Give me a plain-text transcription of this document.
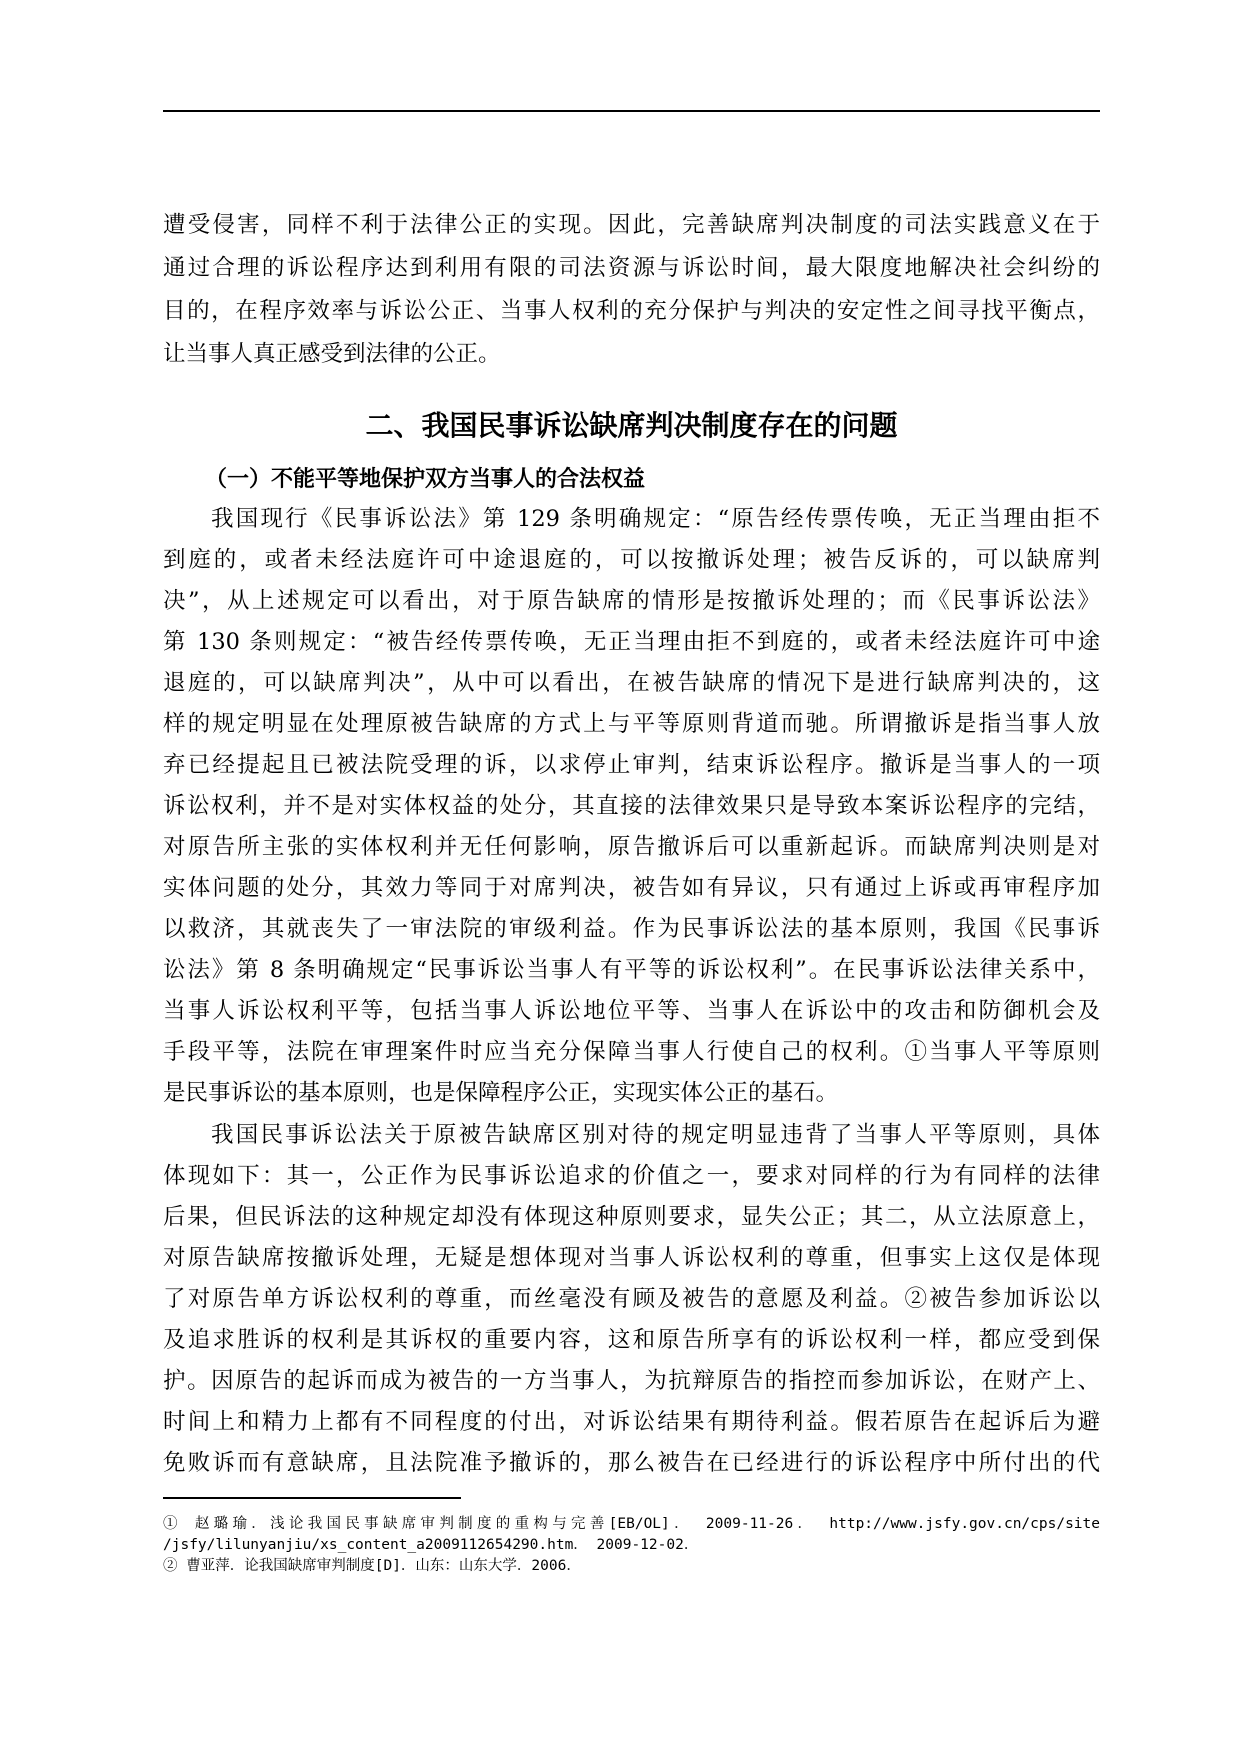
遭受侵害，同样不利于法律公正的实现。因此，完善缺席判决制度的司法实践意义在于
通过合理的诉讼程序达到利用有限的司法资源与诉讼时间，最大限度地解决社会纠纷的
目的，在程序效率与诉讼公正、当事人权利的充分保护与判决的安定性之间寻找平衡点，
让当事人真正感受到法律的公正。
二、我国民事诉讼缺席判决制度存在的问题
（一）不能平等地保护双方当事人的合法权益
我国现行《民事诉讼法》第 129 条明确规定：“原告经传票传唤，无正当理由拒不
到庭的，或者未经法庭许可中途退庭的，可以按撤诉处理；被告反诉的，可以缺席判
决”，从上述规定可以看出，对于原告缺席的情形是按撤诉处理的；而《民事诉讼法》
第 130 条则规定：“被告经传票传唤，无正当理由拒不到庭的，或者未经法庭许可中途
退庭的，可以缺席判决”，从中可以看出，在被告缺席的情况下是进行缺席判决的，这
样的规定明显在处理原被告缺席的方式上与平等原则背道而驰。所谓撤诉是指当事人放
弃已经提起且已被法院受理的诉，以求停止审判，结束诉讼程序。撤诉是当事人的一项
诉讼权利，并不是对实体权益的处分，其直接的法律效果只是导致本案诉讼程序的完结，
对原告所主张的实体权利并无任何影响，原告撤诉后可以重新起诉。而缺席判决则是对
实体问题的处分，其效力等同于对席判决，被告如有异议，只有通过上诉或再审程序加
以救济，其就丧失了一审法院的审级利益。作为民事诉讼法的基本原则，我国《民事诉
讼法》第 8 条明确规定“民事诉讼当事人有平等的诉讼权利”。在民事诉讼法律关系中，
当事人诉讼权利平等，包括当事人诉讼地位平等、当事人在诉讼中的攻击和防御机会及
手段平等，法院在审理案件时应当充分保障当事人行使自己的权利。①当事人平等原则
是民事诉讼的基本原则，也是保障程序公正，实现实体公正的基石。
我国民事诉讼法关于原被告缺席区别对待的规定明显违背了当事人平等原则，具体
体现如下：其一，公正作为民事诉讼追求的价值之一，要求对同样的行为有同样的法律
后果，但民诉法的这种规定却没有体现这种原则要求，显失公正；其二，从立法原意上，
对原告缺席按撤诉处理，无疑是想体现对当事人诉讼权利的尊重，但事实上这仅是体现
了对原告单方诉讼权利的尊重，而丝毫没有顾及被告的意愿及利益。②被告参加诉讼以
及追求胜诉的权利是其诉权的重要内容，这和原告所享有的诉讼权利一样，都应受到保
护。因原告的起诉而成为被告的一方当事人，为抗辩原告的指控而参加诉讼，在财产上、
时间上和精力上都有不同程度的付出，对诉讼结果有期待利益。假若原告在起诉后为避
免败诉而有意缺席，且法院准予撤诉的，那么被告在已经进行的诉讼程序中所付出的代
① 赵璐瑜．浅论我国民事缺席审判制度的重构与完善[EB/OL]． 2009-11-26． http://www.jsfy.gov.cn/cps/site
/jsfy/lilunyanjiu/xs_content_a2009112654290.htm． 2009-12-02．
② 曹亚萍．论我国缺席审判制度[D]．山东：山东大学．2006．
